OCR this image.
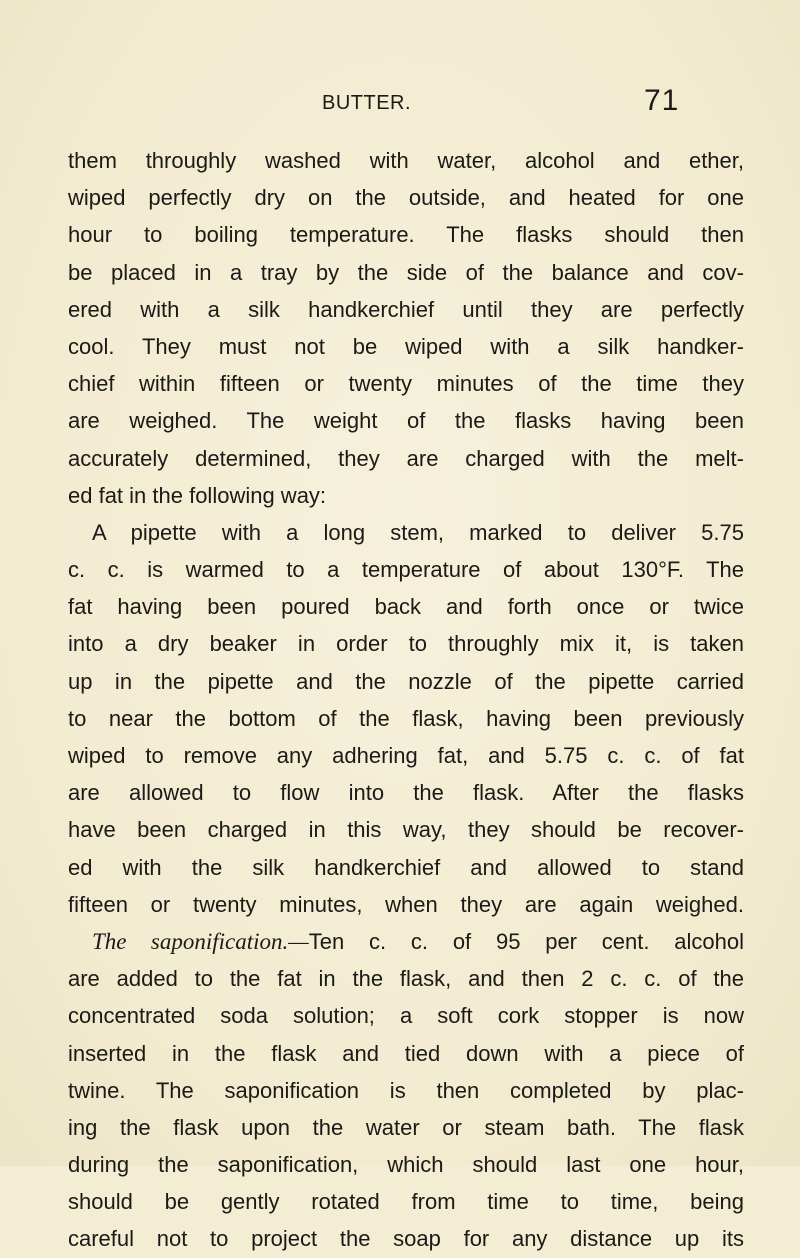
BUTTER.	71
them throughly washed with water, alcohol and ether,
wiped perfectly dry on the outside, and heated for one
hour to boiling temperature. The flasks should then
be placed in a tray by the side of the balance and cov-
ered with a silk handkerchief until they are perfectly
cool. They must not be wiped with a silk handker-
chief within fifteen or twenty minutes of the time they
are weighed. The weight of the flasks having been
accurately determined, they are charged with the melt-
ed fat in the following way:
A pipette with a long stem, marked to deliver 5.75
c. c. is warmed to a temperature of about 130°F. The
fat having been poured back and forth once or twice
into a dry beaker in order to throughly mix it, is taken
up in the pipette and the nozzle of the pipette carried
to near the bottom of the flask, having been previously
wiped to remove any adhering fat, and 5.75 c. c. of fat
are allowed to flow into the flask. After the flasks
have been charged in this way, they should be recover-
ed with the silk handkerchief and allowed to stand
fifteen or twenty minutes, when they are again weighed.
The saponification.—Ten c. c. of 95 per cent. alcohol
are added to the fat in the flask, and then 2 c. c. of the
concentrated soda solution; a soft cork stopper is now
inserted in the flask and tied down with a piece of
twine. The saponification is then completed by plac-
ing the flask upon the water or steam bath. The flask
during the saponification, which should last one hour,
should be gently rotated from time to time, being
careful not to project the soap for any distance up its
